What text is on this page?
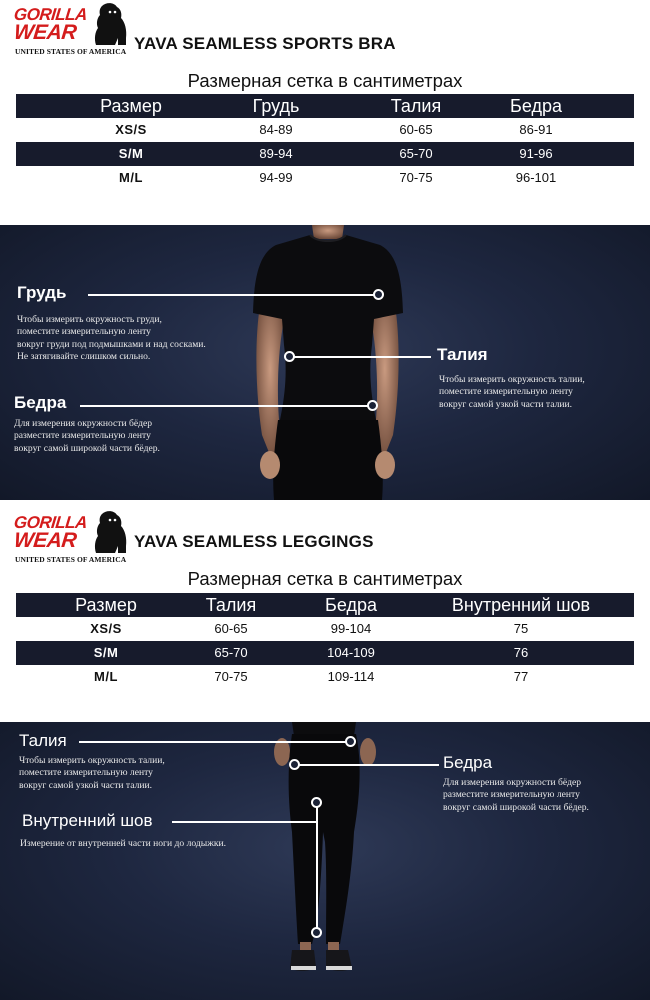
GORILLA
WEAR
UNITED STATES OF AMERICA YAVA SEAMLESS SPORTS BRA
Размерная сетка в сантиметрах
Размер	Грудь	Талия	Бедра
XS/S	84-89	60-65	86-91
S/M	89-94	65-70	91-96
M/L	94-99	70-75	96-101
Грудь
Чтобы измерить окружность груди,
поместите измерительную ленту
вокруг груди под подмышками и над сосками.
Не затягивайте слишком сильно.	Талия
Чтобы измерить окружность талии,
поместите измерительную ленту
вокруг самой узкой части талии.
Бедра
Для измерения окружности бёдер
разместите измерительную ленту
вокруг самой широкой части бёдер.
GORILLA
WEAR
UNITED STATES OF AMERICA
YAVA SEAMLESS LEGGINGS
Размерная сетка в сантиметрах
Размер	Талия	Бедра	Внутренний шов
XS/S	60-65	99-104	75
S/M	65-70	104-109	76
M/L	70-75	109-114	77
Талия
Чтобы измерить окружность талии,
поместите измерительную ленту
вокруг самой узкой части талии.
Бедра
Для измерения окружности бёдер
разместите измерительную ленту
вокруг самой широкой части бёдер.
Внутренний шов
Измерение от внутренней части ноги до лодыжки.
